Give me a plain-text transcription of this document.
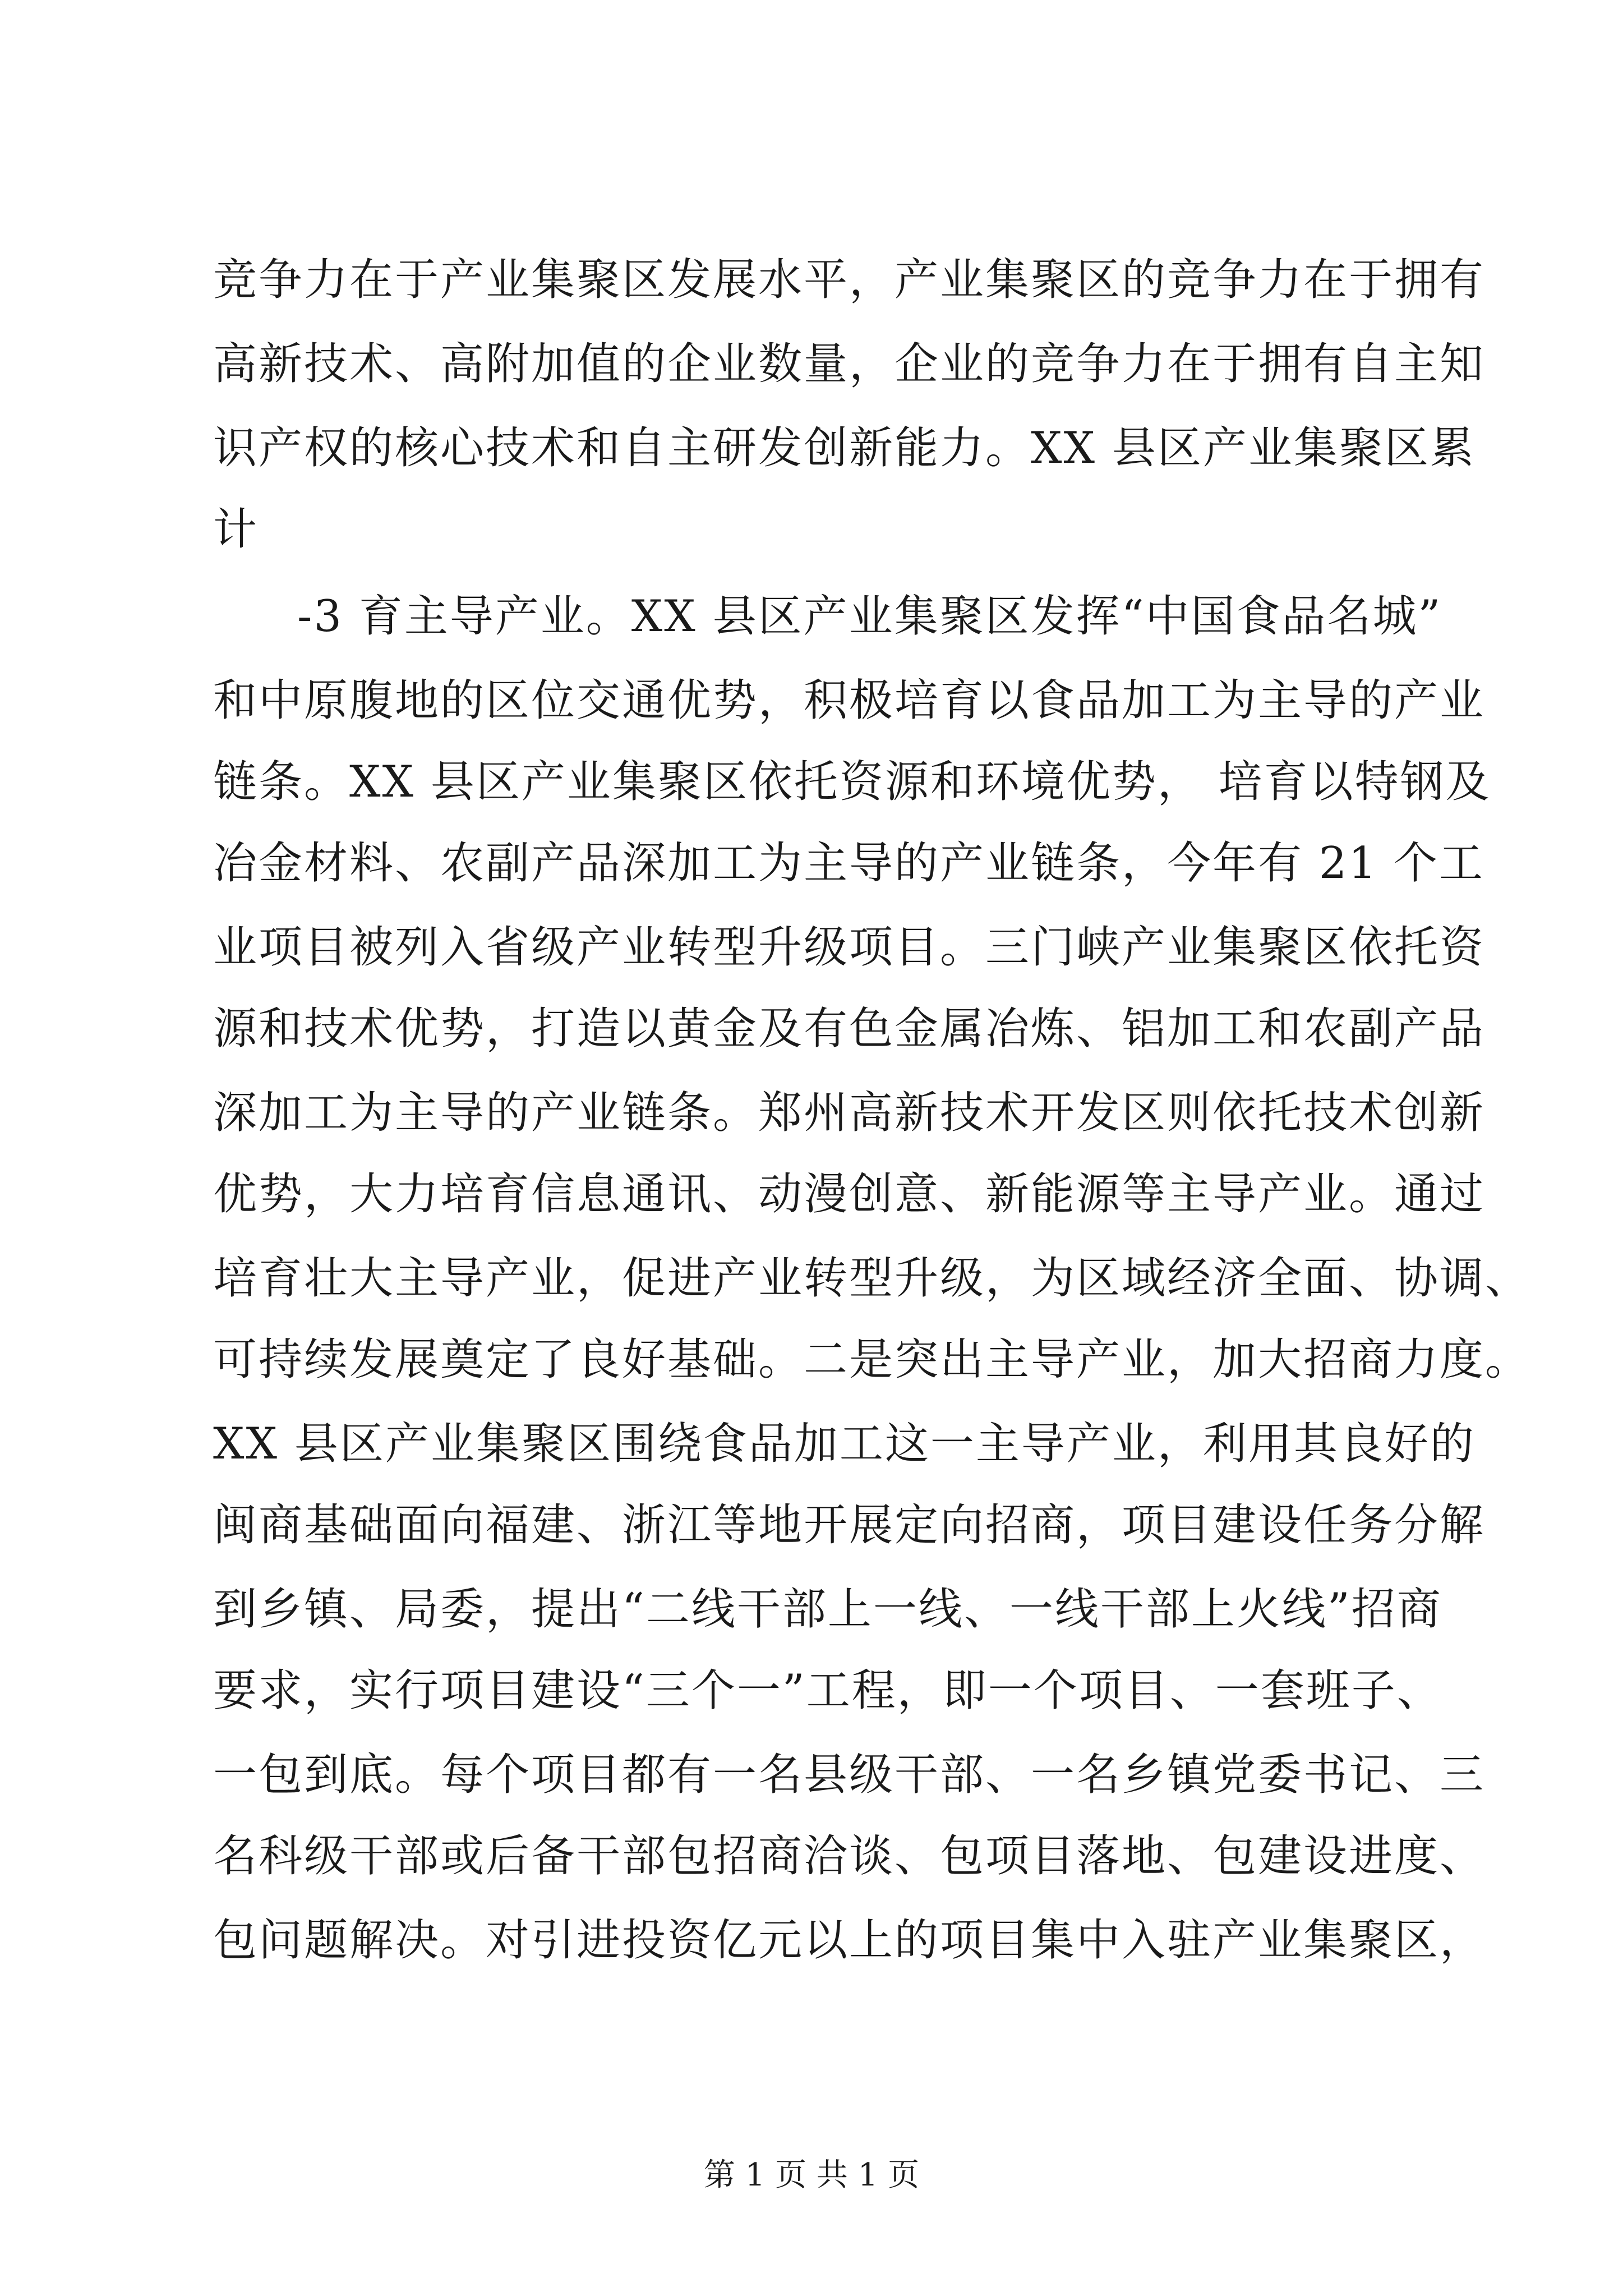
竞争力在于产业集聚区发展水平，产业集聚区的竞争力在于拥有
高新技术、高附加值的企业数量，企业的竞争力在于拥有自主知
识产权的核心技术和自主研发创新能力。XX 县区产业集聚区累
计
-3 育主导产业。XX 县区产业集聚区发挥“中国食品名城”
和中原腹地的区位交通优势，积极培育以食品加工为主导的产业
链条。XX 县区产业集聚区依托资源和环境优势， 培育以特钢及
冶金材料、农副产品深加工为主导的产业链条，今年有 21 个工
业项目被列入省级产业转型升级项目。三门峡产业集聚区依托资
源和技术优势，打造以黄金及有色金属冶炼、铝加工和农副产品
深加工为主导的产业链条。郑州高新技术开发区则依托技术创新
优势，大力培育信息通讯、动漫创意、新能源等主导产业。通过
培育壮大主导产业，促进产业转型升级，为区域经济全面、协调、
可持续发展奠定了良好基础。二是突出主导产业，加大招商力度。
XX 县区产业集聚区围绕食品加工这一主导产业，利用其良好的
闽商基础面向福建、浙江等地开展定向招商，项目建设任务分解
到乡镇、局委，提出“二线干部上一线、一线干部上火线”招商
要求，实行项目建设“三个一”工程，即一个项目、一套班子、
一包到底。每个项目都有一名县级干部、一名乡镇党委书记、三
名科级干部或后备干部包招商洽谈、包项目落地、包建设进度、
包问题解决。对引进投资亿元以上的项目集中入驻产业集聚区，
第 1 页 共 1 页
